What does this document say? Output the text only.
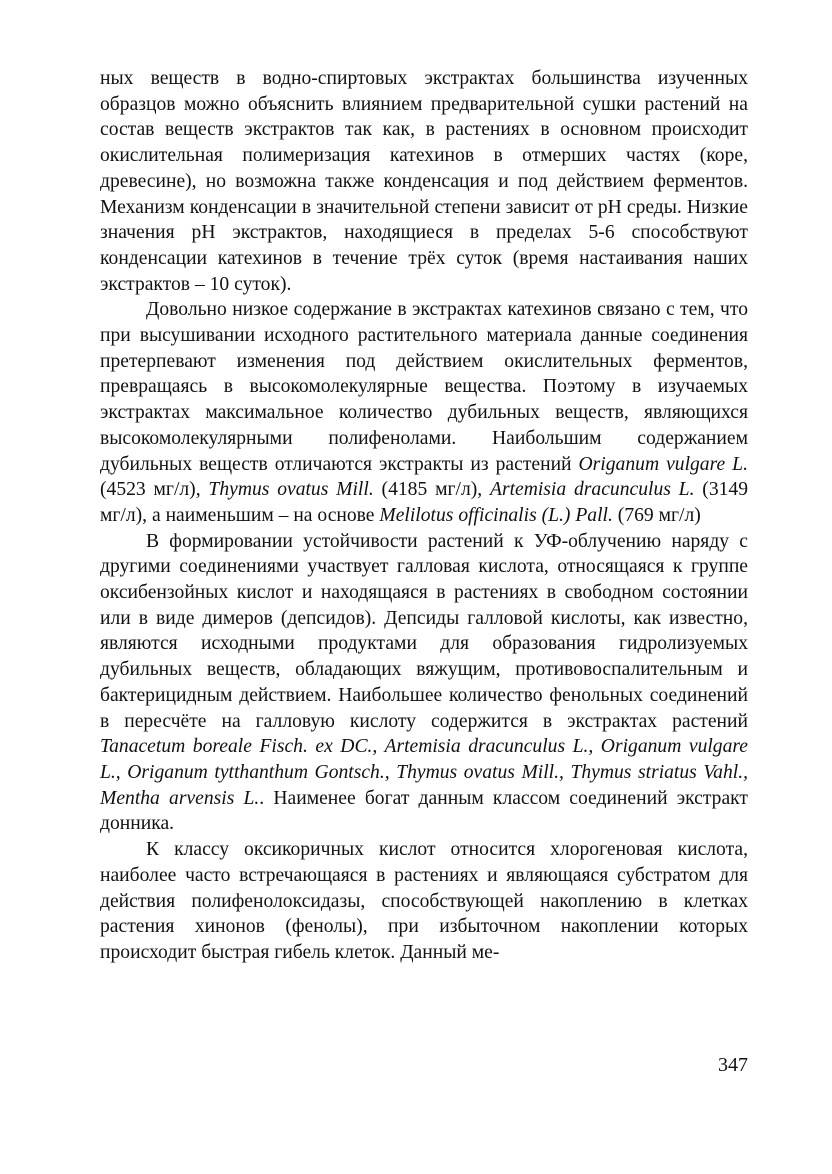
ных веществ в водно-спиртовых экстрактах большинства изученных образцов можно объяснить влиянием предварительной сушки растений на состав веществ экстрактов так как, в растениях в основном происходит окислительная полимеризация катехинов в отмерших частях (коре, древесине), но возможна также конденсация и под действием ферментов. Механизм конденсации в значительной степени зависит от pH среды. Низкие значения pH экстрактов, находящиеся в пределах 5-6 способствуют конденсации катехинов в течение трёх суток (время настаивания наших экстрактов – 10 суток).

Довольно низкое содержание в экстрактах катехинов связано с тем, что при высушивании исходного растительного материала данные соединения претерпевают изменения под действием окислительных ферментов, превращаясь в высокомолекулярные вещества. Поэтому в изучаемых экстрактах максимальное количество дубильных веществ, являющихся высокомолекулярными полифенолами. Наибольшим содержанием дубильных веществ отличаются экстракты из растений Origanum vulgare L. (4523 мг/л), Thymus ovatus Mill. (4185 мг/л), Artemisia dracunculus L. (3149 мг/л), а наименьшим – на основе Melilotus officinalis (L.) Pall. (769 мг/л)

В формировании устойчивости растений к УФ-облучению наряду с другими соединениями участвует галловая кислота, относящаяся к группе оксибензойных кислот и находящаяся в растениях в свободном состоянии или в виде димеров (депсидов). Депсиды галловой кислоты, как известно, являются исходными продуктами для образования гидролизуемых дубильных веществ, обладающих вяжущим, противовоспалительным и бактерицидным действием. Наибольшее количество фенольных соединений в пересчёте на галловую кислоту содержится в экстрактах растений Tanacetum boreale Fisch. ex DC., Artemisia dracunculus L., Origanum vulgare L., Origanum tytthanthum Gontsch., Thymus ovatus Mill., Thymus striatus Vahl., Mentha arvensis L.. Наименее богат данным классом соединений экстракт донника.

К классу оксикоричных кислот относится хлорогеновая кислота, наиболее часто встречающаяся в растениях и являющаяся субстратом для действия полифенолоксидазы, способствующей накоплению в клетках растения хинонов (фенолы), при избыточном накоплении которых происходит быстрая гибель клеток. Данный ме-

347
